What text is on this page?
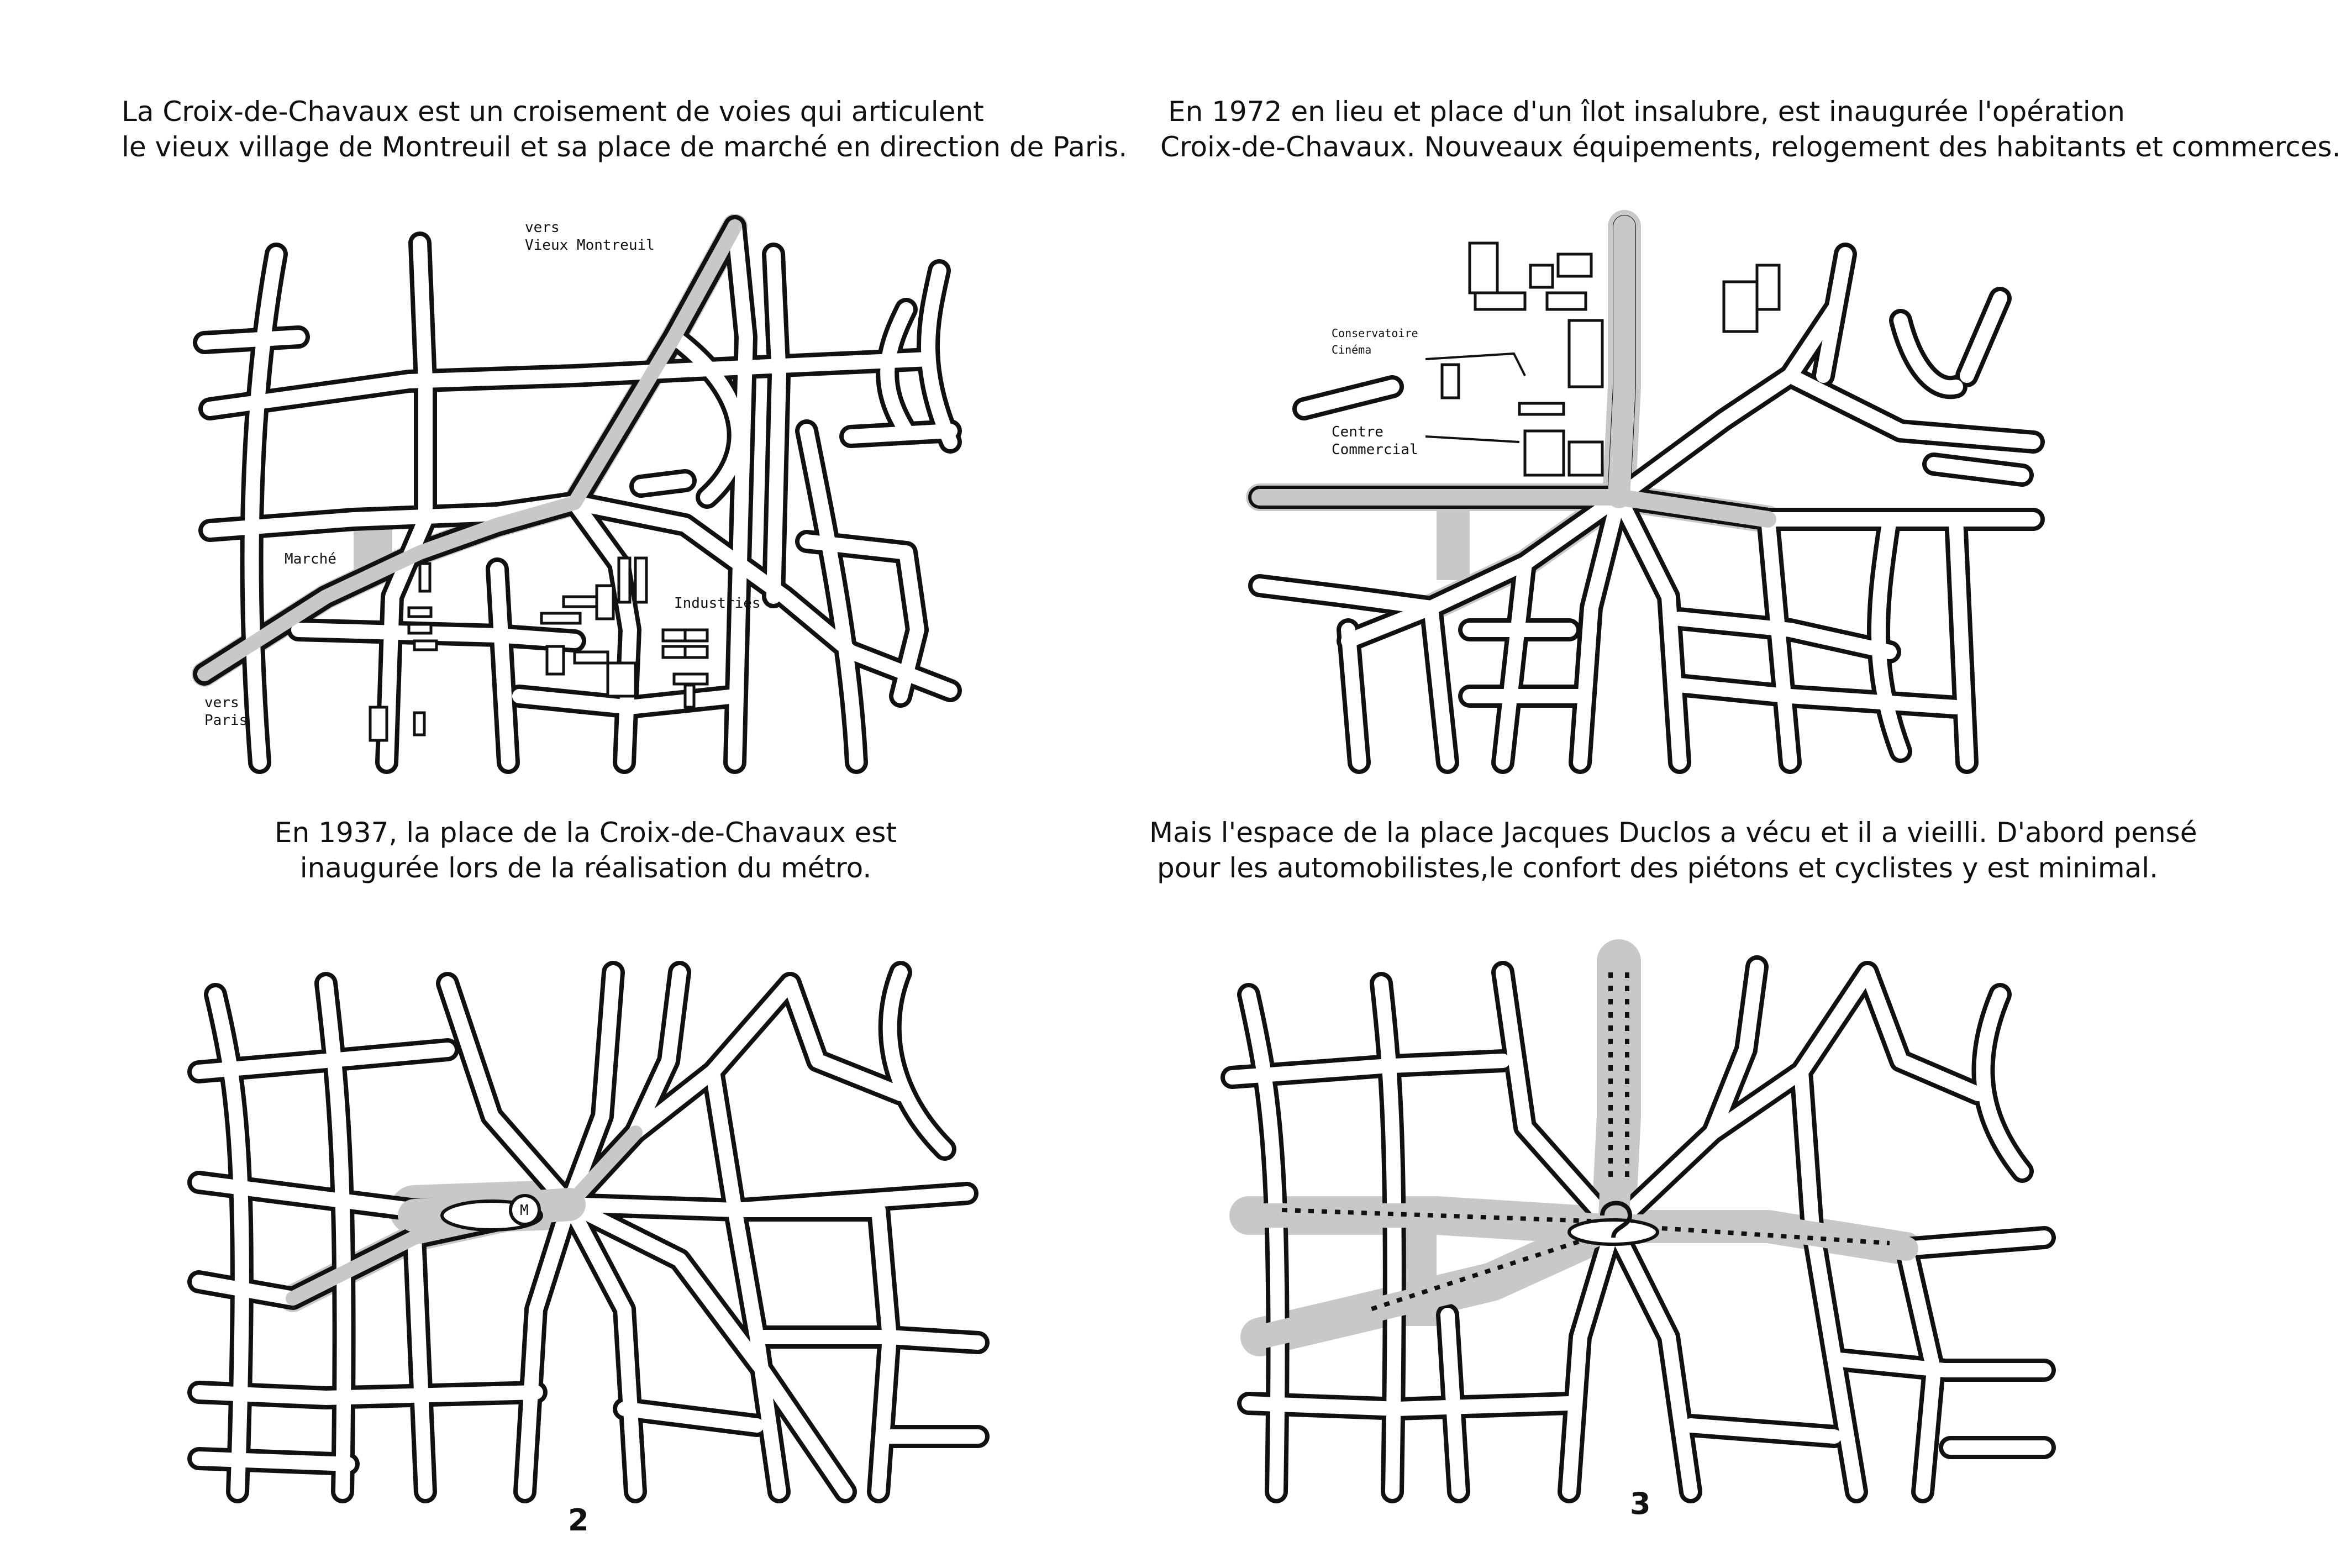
La Croix-de-Chavaux est un croisement de voies qui articulent
le vieux village de Montreuil et sa place de marché en direction de Paris.
En 1972 en lieu et place d'un îlot insalubre, est inaugurée l'opération
Croix-de-Chavaux. Nouveaux équipements, relogement des habitants et commerces.
En 1937, la place de la Croix-de-Chavaux est
inaugurée lors de la réalisation du métro.
Mais l'espace de la place Jacques Duclos a vécu et il a vieilli. D'abord pensé
pour les automobilistes,le confort des piétons et cyclistes y est minimal.
vers
Vieux Montreuil
Marché
Industries
vers
Paris
Conservatoire
Cinéma
Centre
Commercial
M
2	3
